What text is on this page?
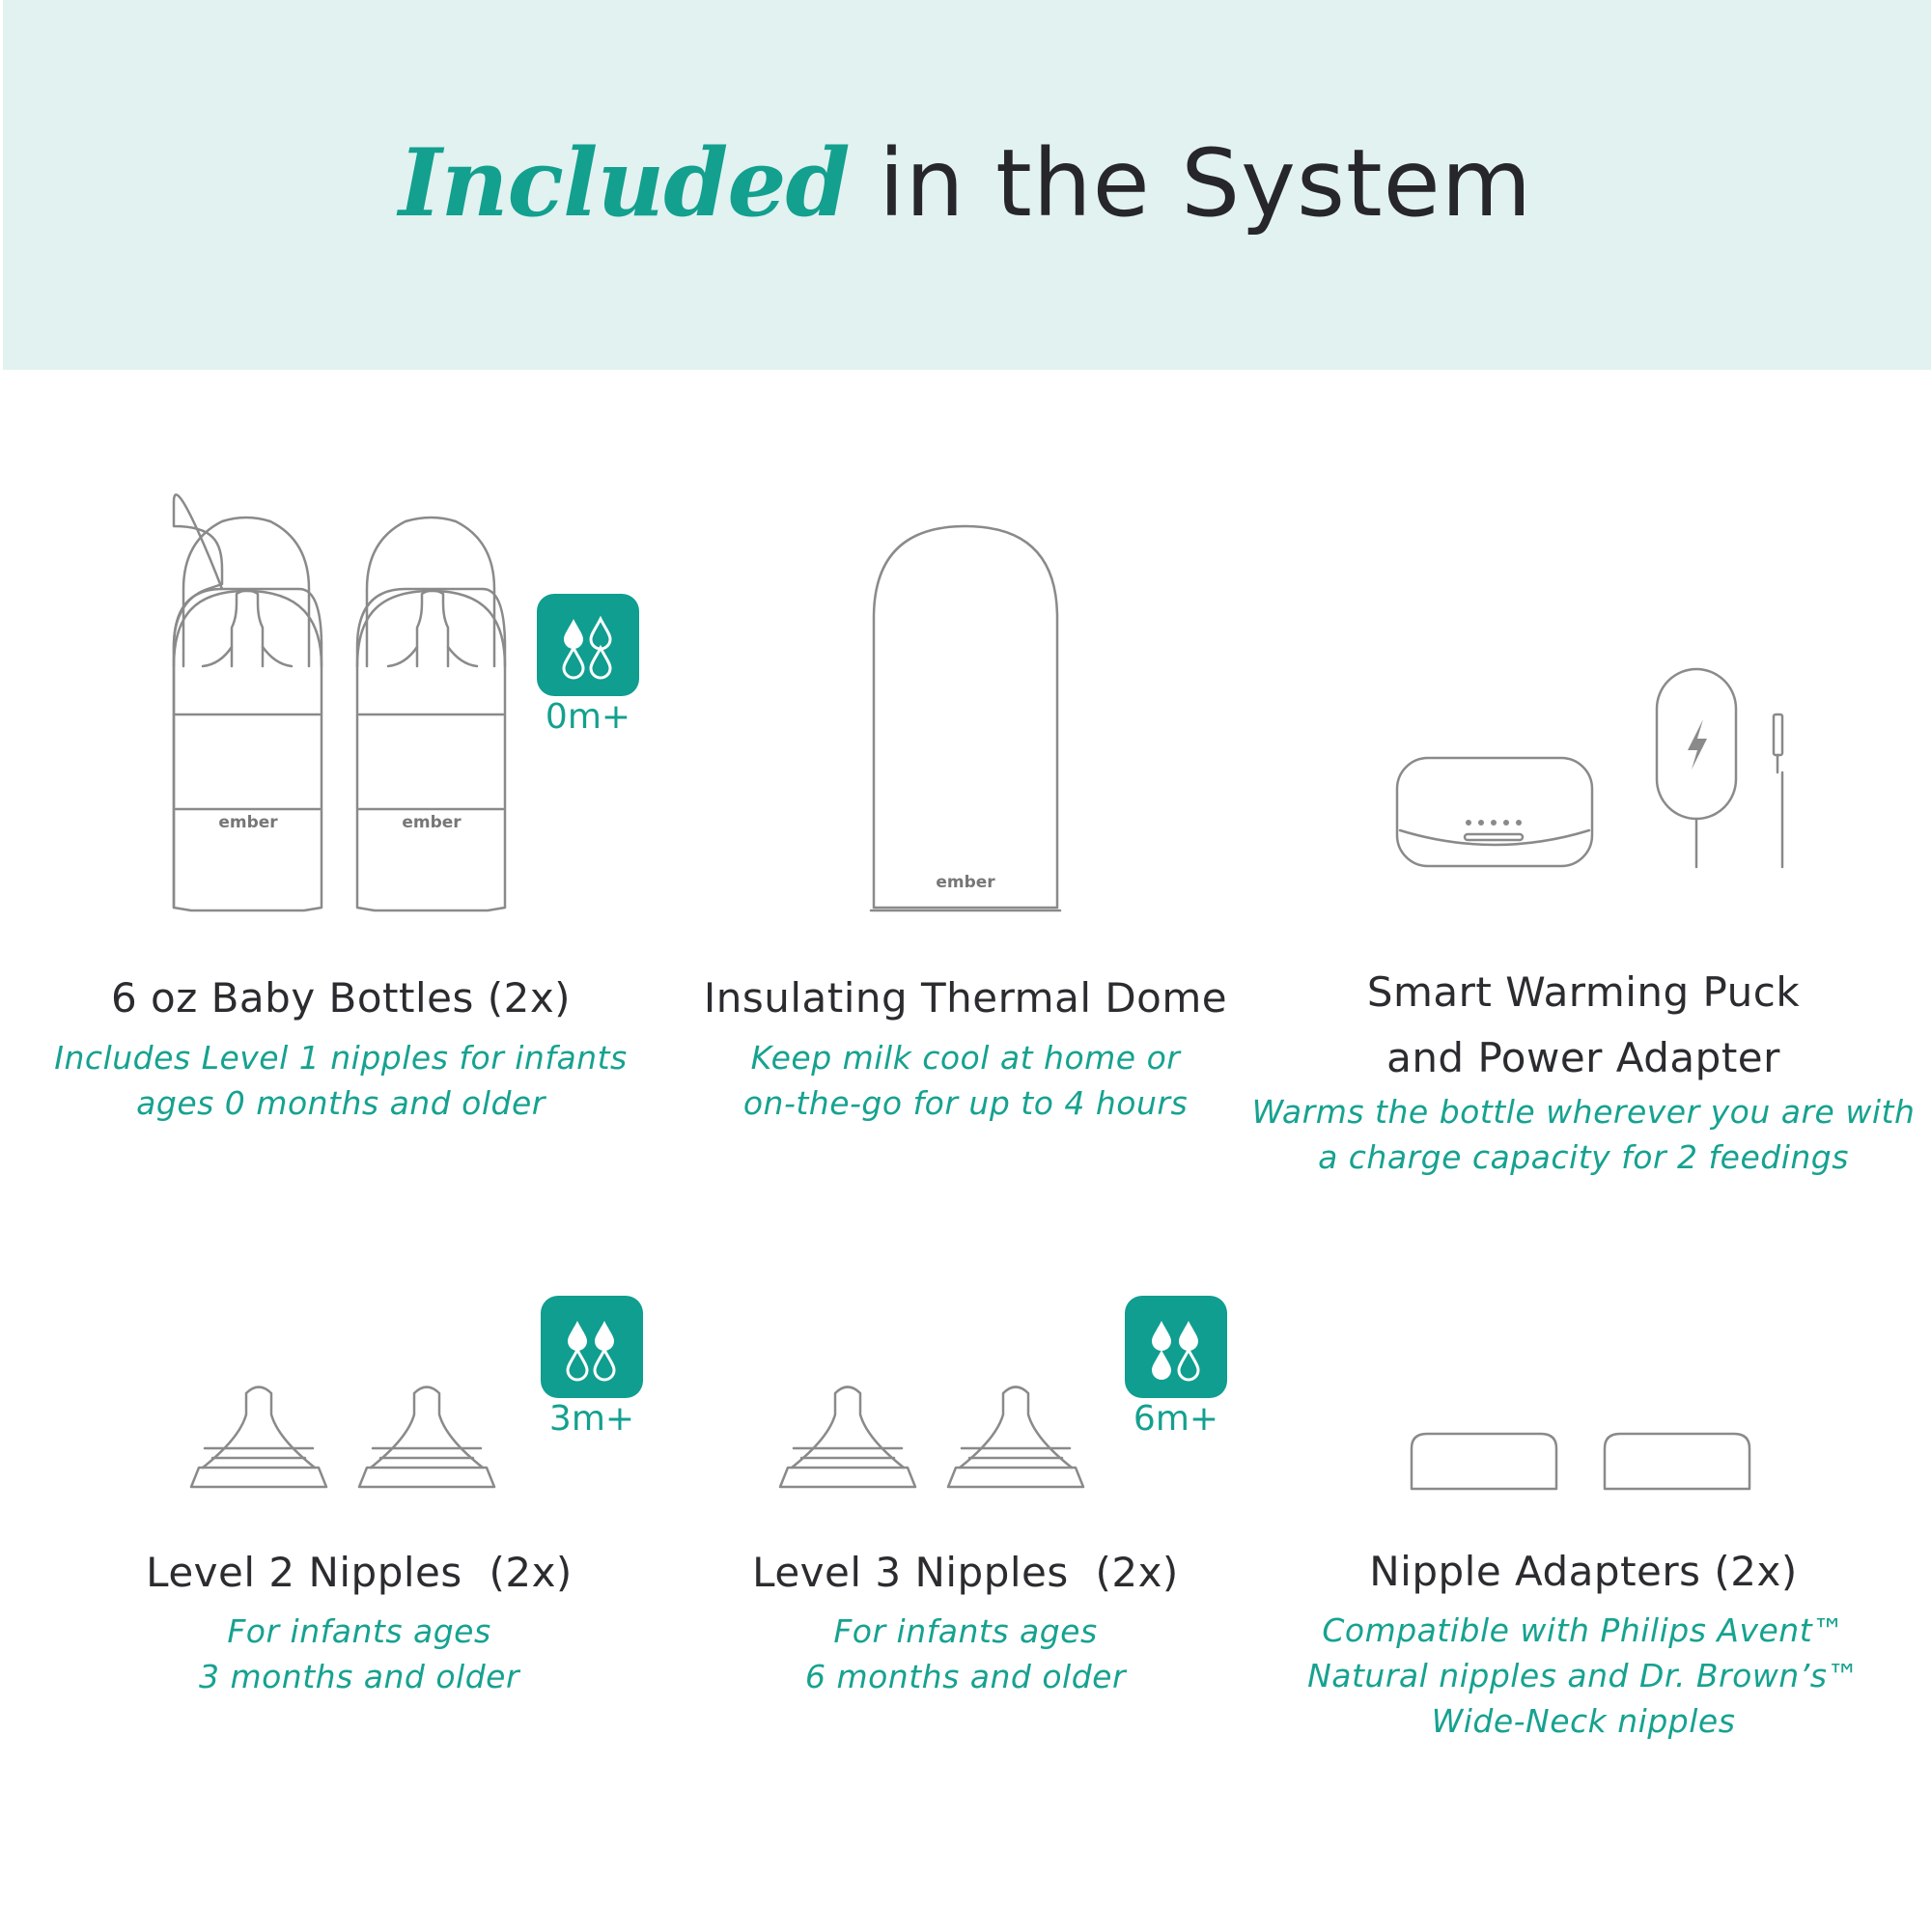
Included in the System
ember	ember
ember
0m+
3m+	6m+
6 oz Baby Bottles (2x)
Includes Level 1 nipples for infants
ages 0 months and older
Insulating Thermal Dome
Keep milk cool at home or
on-the-go for up to 4 hours
Smart Warming Puck
and Power Adapter
Warms the bottle wherever you are with
a charge capacity for 2 feedings
Level 2 Nipples  (2x)
For infants ages
3 months and older
Level 3 Nipples  (2x)
For infants ages
6 months and older
Nipple Adapters (2x)
Compatible with Philips Avent™
Natural nipples and Dr. Brown’s™
Wide-Neck nipples
